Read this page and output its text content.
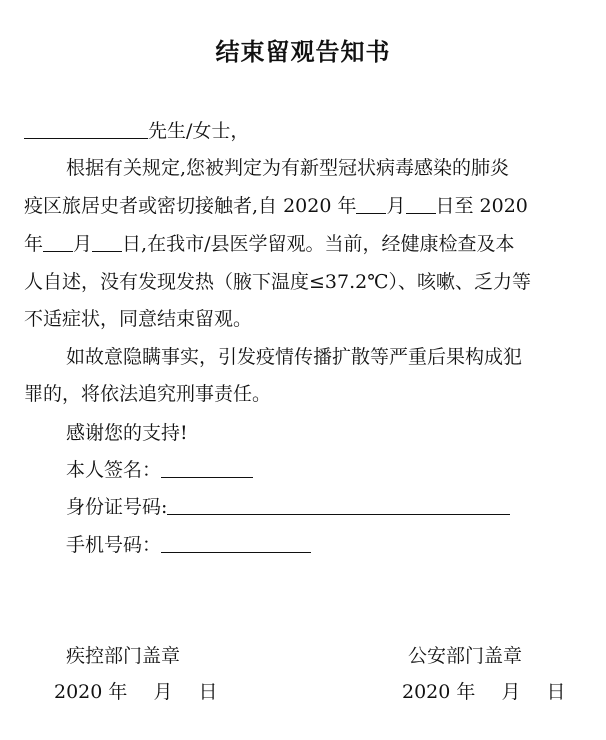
结束留观告知书
先生/女士，
根据有关规定,您被判定为有新型冠状病毒感染的肺炎
疫区旅居史者或密切接触者,自 2020 年 月 日至 2020
年 月 日,在我市/县医学留观。当前，经健康检查及本
人自述，没有发现发热（腋下温度≤37.2℃）、咳嗽、乏力等
不适症状，同意结束留观。
如故意隐瞒事实，引发疫情传播扩散等严重后果构成犯
罪的，将依法追究刑事责任。
感谢您的支持!
本人签名：
身份证号码:
手机号码：
疾控部门盖章	公安部门盖章
2020 年 月 日	2020 年 月 日
